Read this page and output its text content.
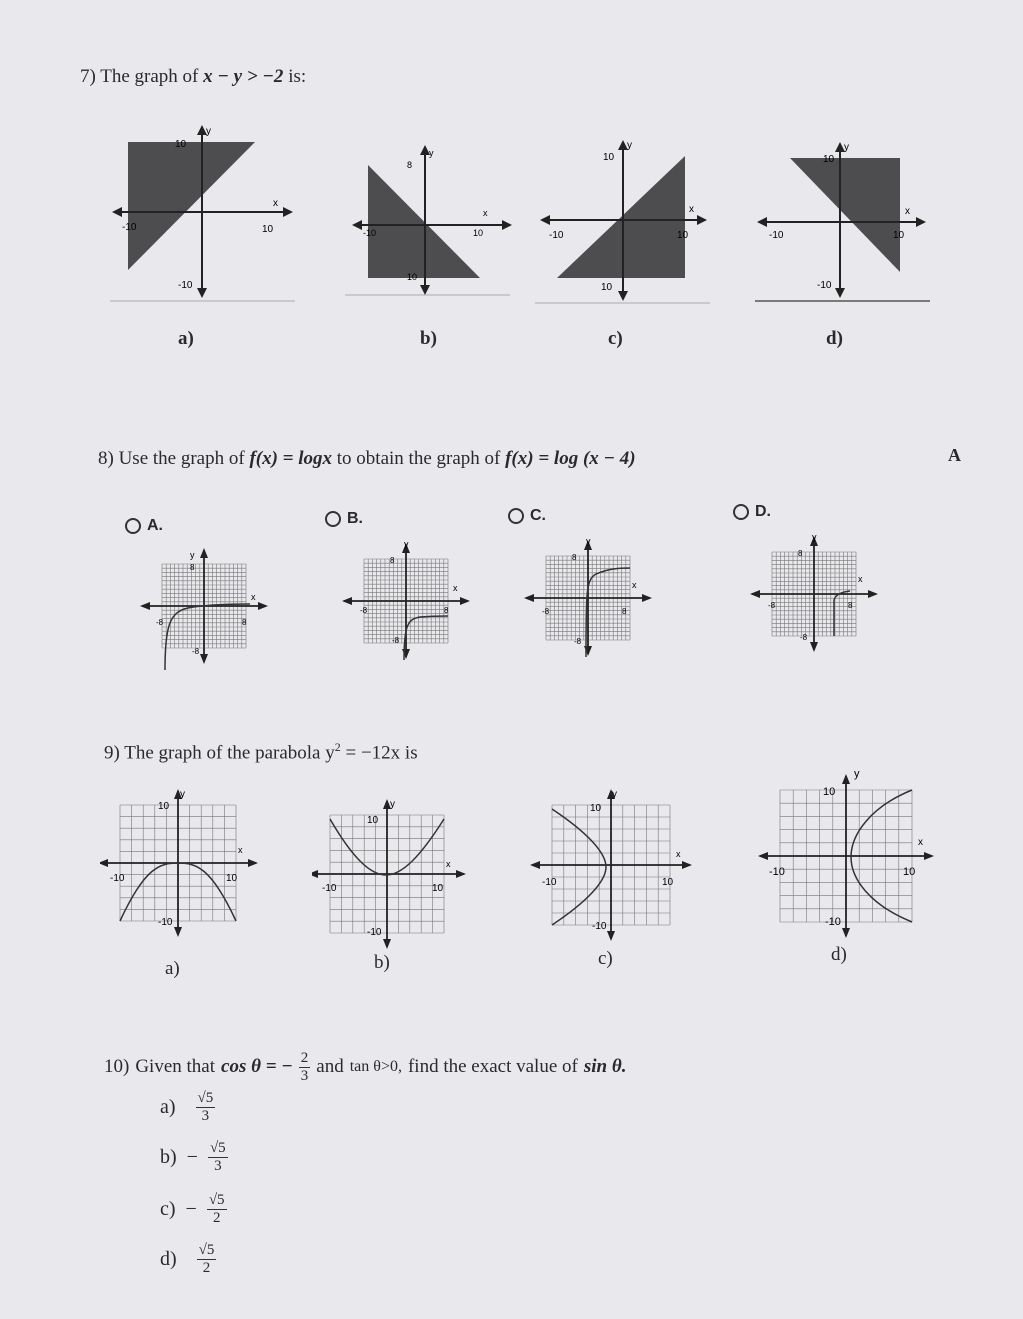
7) The graph of x − y > −2 is:
10
y
-10	10
x
-10
8
y
-10	10
x
10
10
y
-10	10
x
10
10
y
-10	10
x
-10
a)	b)	c)	d)
8) Use the graph of f(x) = logx to obtain the graph of f(x) = log (x − 4)	A
A.	B.	C.	D.
y
x
8
-8	8
-8
y
x
8
-8	8
-8
y
x
8
-8	8
-8
y
x
8
-8	8
-8
9) The graph of the parabola $y^2 = -12x$ is
y
x
10
-10	10
-10
y
x
10
-10	10
-10
y
x
10
-10	10
-10
y
x
10
-10	10
-10
a)	b)	c)	d)
10) Given that cos θ = − $\frac{2}{3}$ and tan θ>0, find the exact value of sin θ.
$a) \frac{√5}{3}$
$b) - \frac{√5}{3}$
$c) - \frac{√5}{2}$
$d) \frac{√5}{2}$
